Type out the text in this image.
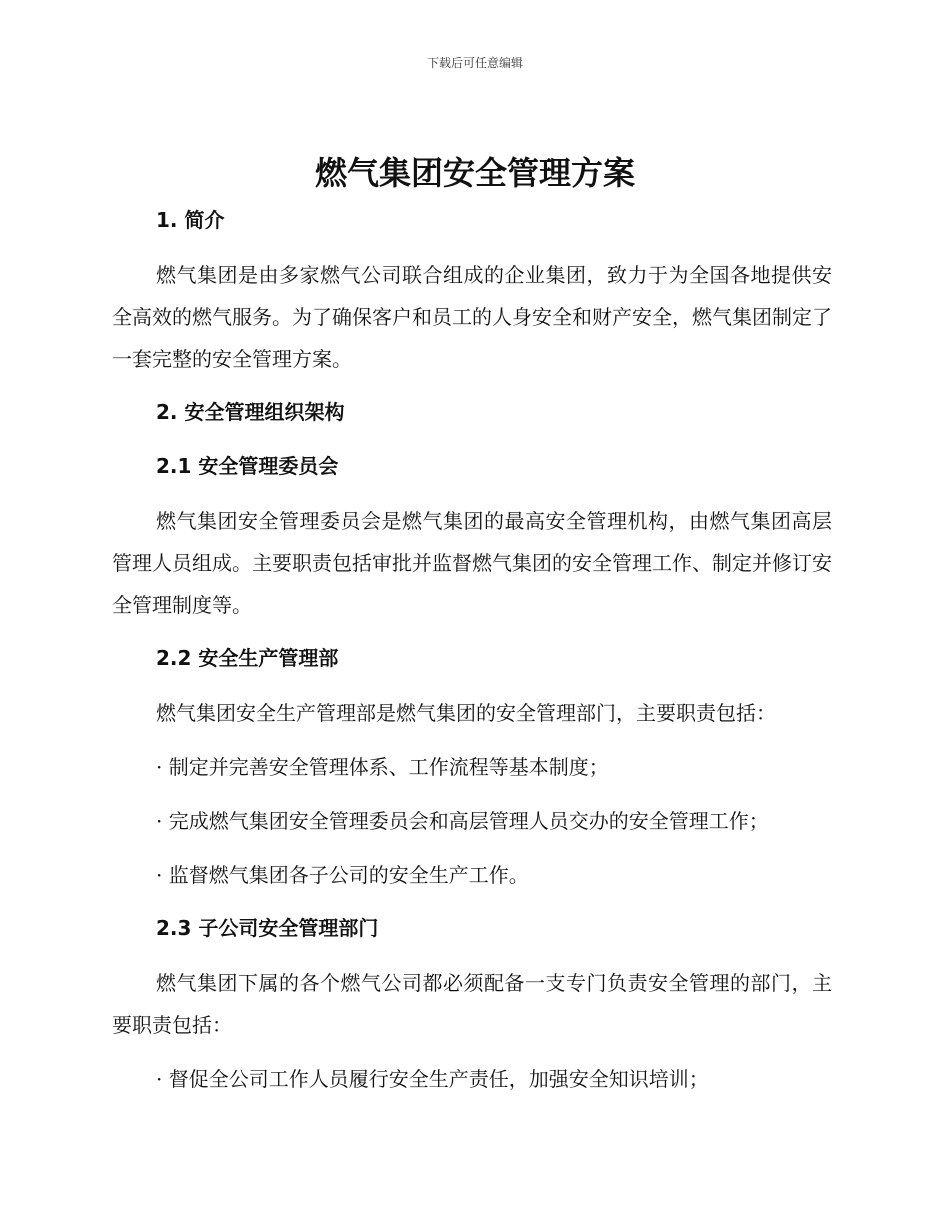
下载后可任意编辑
燃气集团安全管理方案
1. 简介

燃气集团是由多家燃气公司联合组成的企业集团，致力于为全国各地提供安全高效的燃气服务。为了确保客户和员工的人身安全和财产安全，燃气集团制定了一套完整的安全管理方案。

2. 安全管理组织架构
2.1 安全管理委员会

燃气集团安全管理委员会是燃气集团的最高安全管理机构，由燃气集团高层管理人员组成。主要职责包括审批并监督燃气集团的安全管理工作、制定并修订安全管理制度等。

2.2 安全生产管理部

燃气集团安全生产管理部是燃气集团的安全管理部门，主要职责包括：

· 制定并完善安全管理体系、工作流程等基本制度；
· 完成燃气集团安全管理委员会和高层管理人员交办的安全管理工作；
· 监督燃气集团各子公司的安全生产工作。
2.3 子公司安全管理部门

燃气集团下属的各个燃气公司都必须配备一支专门负责安全管理的部门，主要职责包括：

· 督促全公司工作人员履行安全生产责任，加强安全知识培训；
